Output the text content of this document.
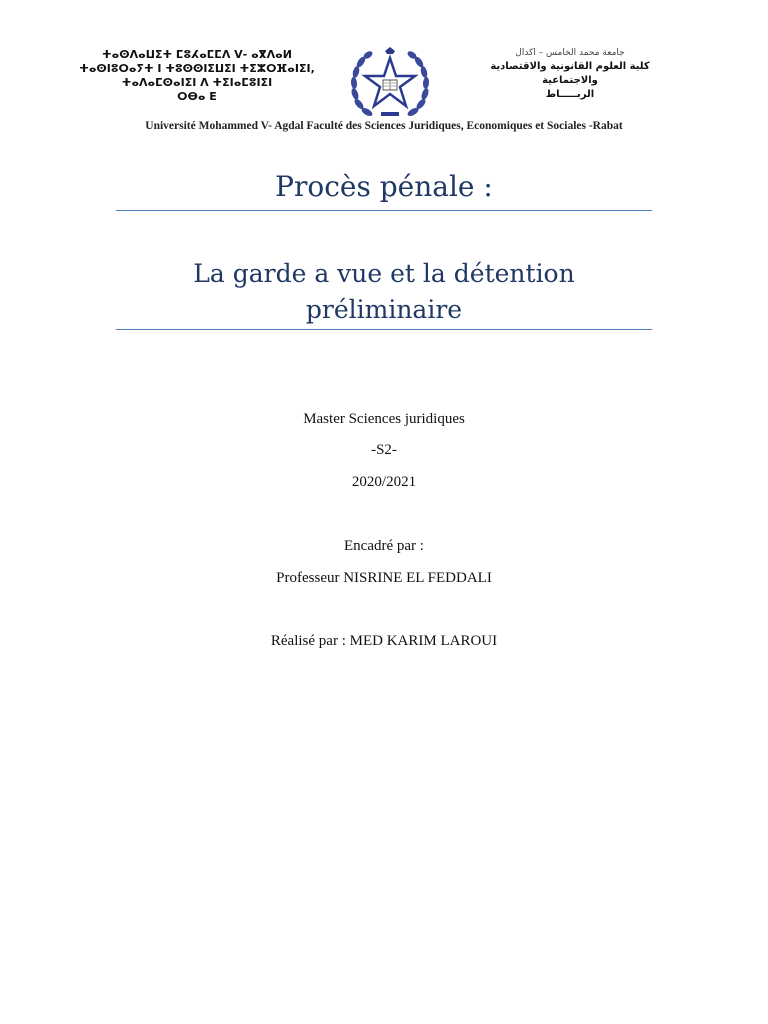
ⵜⴰⵙⴷⴰⵡⵉⵜ ⵎⵓⵃⴰⵎⵎⴷ Ⅴ- ⴰⴳⴷⴰⵍ
ⵜⴰⵙⵏⵓⵔⴰⵢⵜ ⵏ ⵜⵓⵙⵙⵏⵉⵡⵉⵏ ⵜⵉⵣⵔⴼⴰⵏⵉⵏ,
ⵜⴰⴷⴰⵎⵙⴰⵏⵉⵏ ⴷ ⵜⵉⵏⴰⵎⵓⵏⵉⵏ
ⵔⴱⴰ ⴹ
جامعة محمد الخامس – اكدال
كلية العلوم القانونية والاقتصادية والاجتماعية
الربـــــاط
Université Mohammed V- Agdal Faculté des Sciences Juridiques, Economiques et Sociales -Rabat
Procès pénale :
La garde a vue et la détention préliminaire
Master Sciences juridiques
-S2-
2020/2021
Encadré par :
Professeur NISRINE EL FEDDALI
Réalisé par : MED KARIM LAROUI
